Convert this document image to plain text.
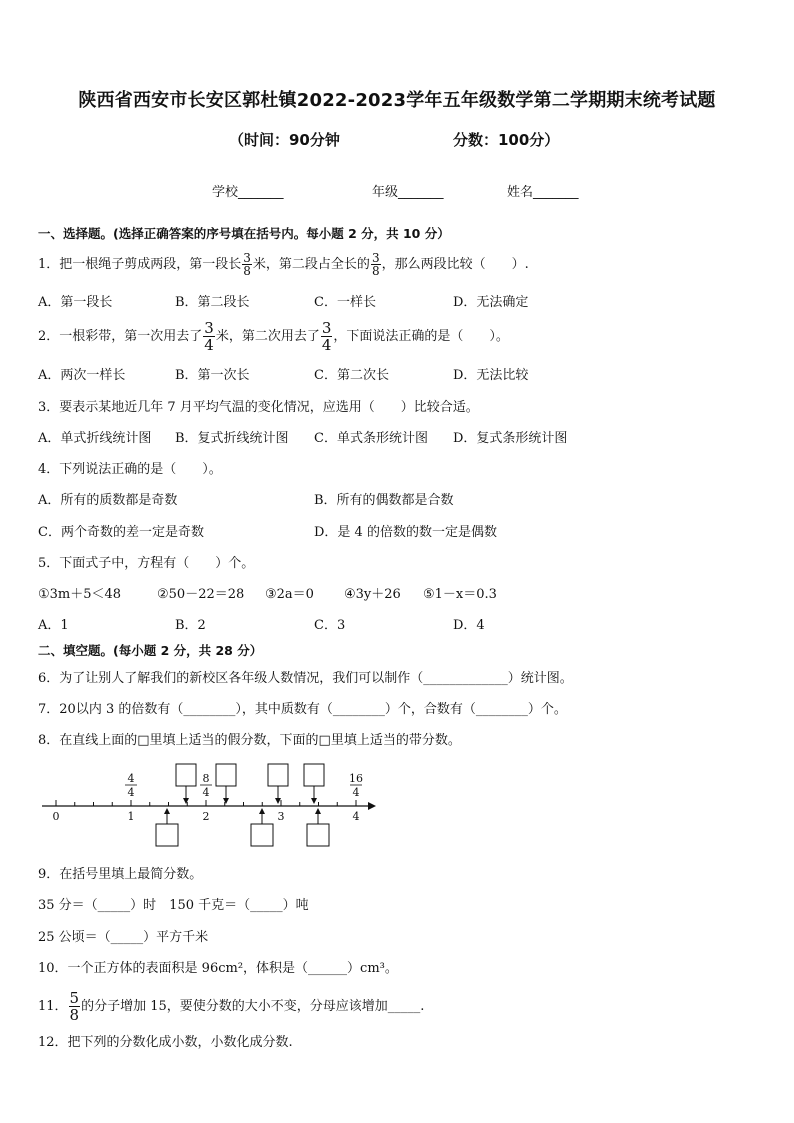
陕西省西安市长安区郭杜镇2022-2023学年五年级数学第二学期期末统考试题
（时间：90分钟	分数：100分）
学校_______	年级_______	姓名_______
一、选择题。(选择正确答案的序号填在括号内。每小题 2 分，共 10 分）
1．把一根绳子剪成两段，第一段长 $\frac{3}{8}$ 米，第二段占全长的 $\frac{3}{8}$ ，那么两段比较（　　）.
A．第一段长	B．第二段长	C．一样长	D．无法确定
2．一根彩带，第一次用去了 $\frac{3}{4}$ 米，第二次用去了 $\frac{3}{4}$ ，下面说法正确的是（　　）。
A．两次一样长	B．第一次长	C．第二次长	D．无法比较
3．要表示某地近几年 7 月平均气温的变化情况，应选用（　　）比较合适。
A．单式折线统计图 B．复式折线统计图 C．单式条形统计图 D．复式条形统计图
4．下列说法正确的是（　　）。
A．所有的质数都是奇数	B．所有的偶数都是合数
C．两个奇数的差一定是奇数	D．是 4 的倍数的数一定是偶数
5．下面式子中，方程有（　　）个。
①3m＋5＜48	②50－22＝28 ③2a＝0 ④3y＋26 ⑤1－x＝0.3
A．1	B．2	C．3	D．4
二、填空题。(每小题 2 分，共 28 分）
6．为了让别人了解我们的新校区各年级人数情况，我们可以制作（_____________）统计图。
7．20以内 3 的倍数有（________），其中质数有（________）个，合数有（________）个。
8．在直线上面的□里填上适当的假分数，下面的□里填上适当的带分数。
0	1	2	3	4
4
4
8
4
16
4
9．在括号里填上最简分数。
35 分＝（_____）时　150 千克＝（_____）吨
25 公顷＝（_____）平方千米
10．一个正方体的表面积是 96cm²，体积是（______）cm³。
11． $\frac{5}{8}$ 的分子增加 15，要使分数的大小不变，分母应该增加_____.
12．把下列的分数化成小数，小数化成分数.
